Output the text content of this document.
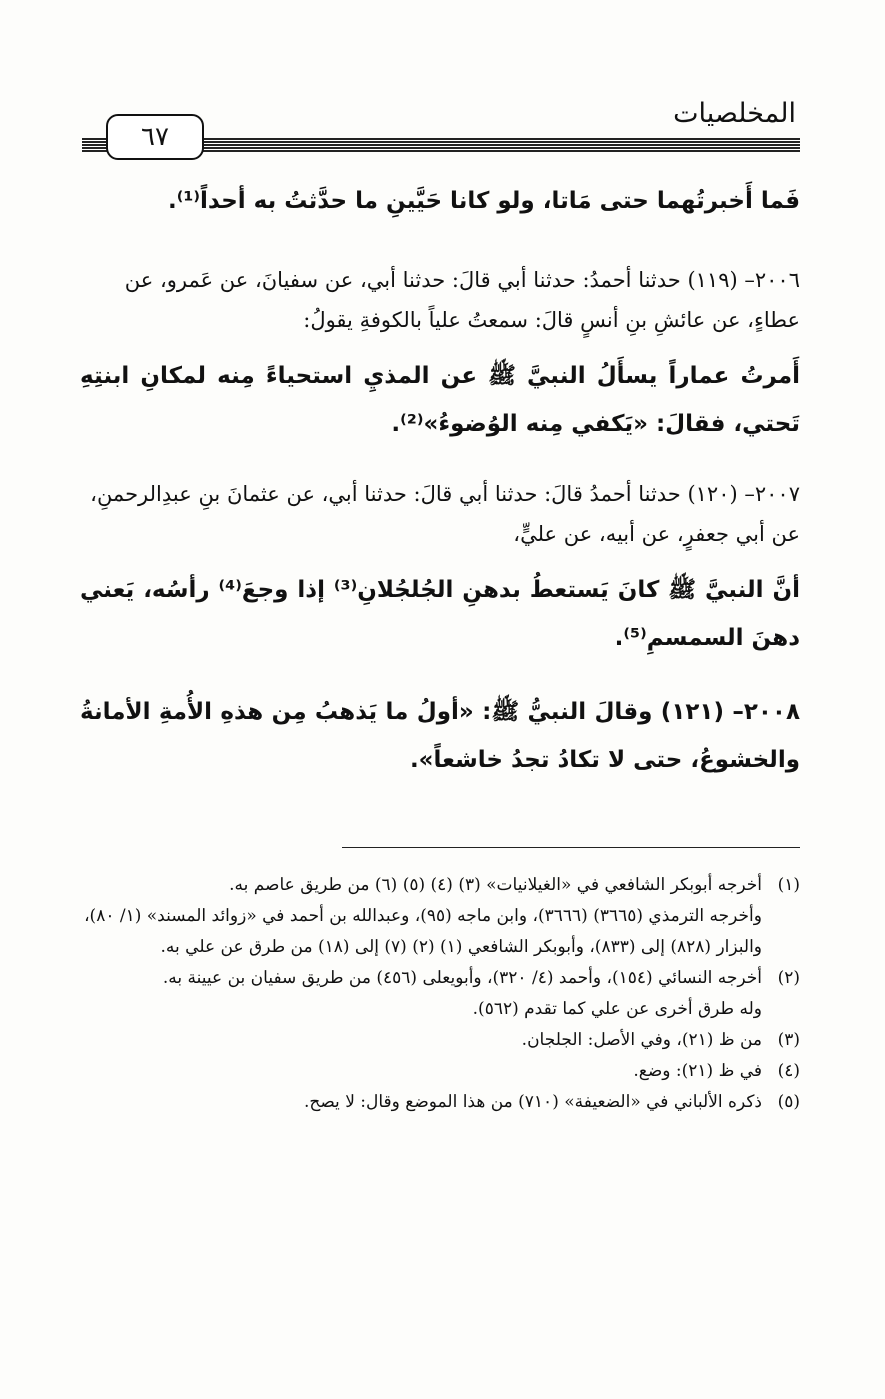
المخلصيات
٦٧

فَما أَخبرتُهما حتى مَاتا، ولو كانا حَيَّينِ ما حدَّثتُ به أحداً⁽¹⁾.

٢٠٠٦– (١١٩) حدثنا أحمدُ: حدثنا أبي قالَ: حدثنا أبي، عن سفيانَ، عن عَمرو، عن عطاءٍ، عن عائشِ بنِ أنسٍ قالَ: سمعتُ علياً بالكوفةِ يقولُ:

أَمرتُ عماراً يسأَلُ النبيَّ ﷺ عن المذيِ استحياءً مِنه لمكانِ ابنتِهِ تَحتي، فقالَ: «يَكفي مِنه الوُضوءُ»⁽²⁾.

٢٠٠٧– (١٢٠) حدثنا أحمدُ قالَ: حدثنا أبي قالَ: حدثنا أبي، عن عثمانَ بنِ عبدِالرحمنِ، عن أبي جعفرٍ، عن أبيه، عن عليٍّ،

أنَّ النبيَّ ﷺ كانَ يَستعطُ بدهنِ الجُلجُلانِ⁽³⁾ إذا وجعَ⁽⁴⁾ رأسُه، يَعني دهنَ السمسمِ⁽⁵⁾.

٢٠٠٨– (١٢١) وقالَ النبيُّ ﷺ: «أولُ ما يَذهبُ مِن هذهِ الأُمةِ الأمانةُ والخشوعُ، حتى لا تكادُ تجدُ خاشعاً».

(١)
أخرجه أبوبكر الشافعي في «الغيلانيات» (٣) (٤) (٥) (٦) من طريق عاصم به.

وأخرجه الترمذي (٣٦٦٥) (٣٦٦٦)، وابن ماجه (٩٥)، وعبدالله بن أحمد في «زوائد المسند» (١/ ٨٠)، والبزار (٨٢٨) إلى (٨٣٣)، وأبوبكر الشافعي (١) (٢) (٧) إلى (١٨) من طرق عن علي به.

(٢)
أخرجه النسائي (١٥٤)، وأحمد (٤/ ٣٢٠)، وأبويعلى (٤٥٦) من طريق سفيان بن عيينة به.

وله طرق أخرى عن علي كما تقدم (٥٦٢).

(٣)
من ظ (٢١)، وفي الأصل: الجلجان.
(٤)
في ظ (٢١): وضع.
(٥)
ذكره الألباني في «الضعيفة» (٧١٠) من هذا الموضع وقال: لا يصح.
